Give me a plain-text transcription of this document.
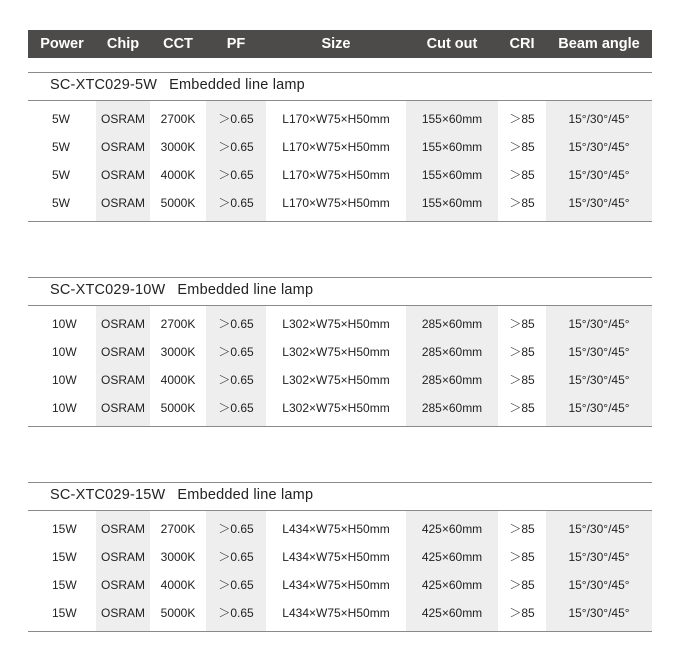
Power	Chip	CCT	PF	Size	Cut out	CRI	Beam angle
SC-XTC029-5W Embedded line lamp
5W	OSRAM	2700K	＞0.65	L170×W75×H50mm	155×60mm	＞85	15°/30°/45°
5W	OSRAM	3000K	＞0.65	L170×W75×H50mm	155×60mm	＞85	15°/30°/45°
5W	OSRAM	4000K	＞0.65	L170×W75×H50mm	155×60mm	＞85	15°/30°/45°
5W	OSRAM	5000K	＞0.65	L170×W75×H50mm	155×60mm	＞85	15°/30°/45°
SC-XTC029-10W Embedded line lamp
10W	OSRAM	2700K	＞0.65	L302×W75×H50mm	285×60mm	＞85	15°/30°/45°
10W	OSRAM	3000K	＞0.65	L302×W75×H50mm	285×60mm	＞85	15°/30°/45°
10W	OSRAM	4000K	＞0.65	L302×W75×H50mm	285×60mm	＞85	15°/30°/45°
10W	OSRAM	5000K	＞0.65	L302×W75×H50mm	285×60mm	＞85	15°/30°/45°
SC-XTC029-15W Embedded line lamp
15W	OSRAM	2700K	＞0.65	L434×W75×H50mm	425×60mm	＞85	15°/30°/45°
15W	OSRAM	3000K	＞0.65	L434×W75×H50mm	425×60mm	＞85	15°/30°/45°
15W	OSRAM	4000K	＞0.65	L434×W75×H50mm	425×60mm	＞85	15°/30°/45°
15W	OSRAM	5000K	＞0.65	L434×W75×H50mm	425×60mm	＞85	15°/30°/45°
